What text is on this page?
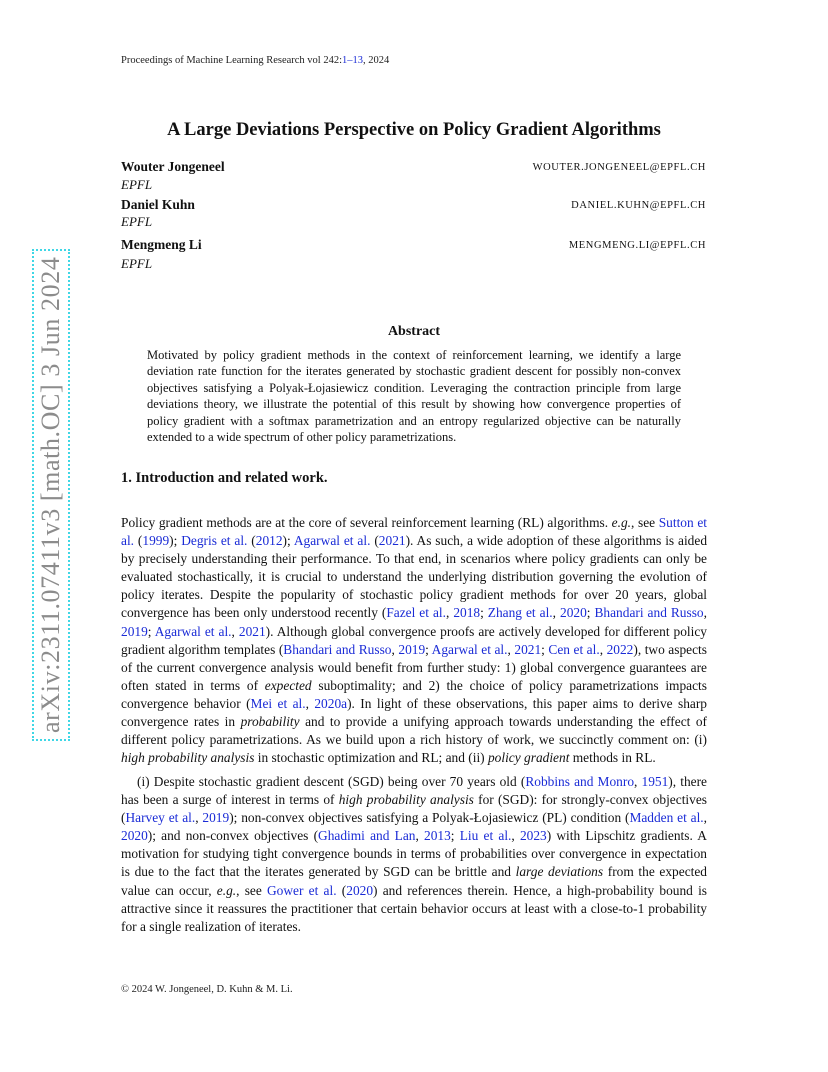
arXiv:2311.07411v3 [math.OC] 3 Jun 2024
Proceedings of Machine Learning Research vol 242:1–13, 2024
A Large Deviations Perspective on Policy Gradient Algorithms
Wouter Jongeneel	WOUTER.JONGENEEL@EPFL.CH
EPFL
Daniel Kuhn	DANIEL.KUHN@EPFL.CH
EPFL
Mengmeng Li	MENGMENG.LI@EPFL.CH
EPFL
Abstract
Motivated by policy gradient methods in the context of reinforcement learning, we identify a large deviation rate function for the iterates generated by stochastic gradient descent for possibly non-convex objectives satisfying a Polyak-Łojasiewicz condition. Leveraging the contraction principle from large deviations theory, we illustrate the potential of this result by showing how convergence properties of policy gradient with a softmax parametrization and an entropy regularized objective can be naturally extended to a wide spectrum of other policy parametrizations.
1. Introduction and related work.
Policy gradient methods are at the core of several reinforcement learning (RL) algorithms. e.g., see Sutton et al. (1999); Degris et al. (2012); Agarwal et al. (2021). As such, a wide adoption of these algorithms is aided by precisely understanding their performance. To that end, in scenarios where policy gradients can only be evaluated stochastically, it is crucial to understand the underlying distribution governing the evolution of policy iterates. Despite the popularity of stochastic policy gradient methods for over 20 years, global convergence has been only understood recently (Fazel et al., 2018; Zhang et al., 2020; Bhandari and Russo, 2019; Agarwal et al., 2021). Although global convergence proofs are actively developed for different policy gradient algorithm templates (Bhandari and Russo, 2019; Agarwal et al., 2021; Cen et al., 2022), two aspects of the current convergence analysis would benefit from further study: 1) global convergence guarantees are often stated in terms of expected suboptimality; and 2) the choice of policy parametrizations impacts convergence behavior (Mei et al., 2020a). In light of these observations, this paper aims to derive sharp convergence rates in probability and to provide a unifying approach towards understanding the effect of different policy parametrizations. As we build upon a rich history of work, we succinctly comment on: (i) high probability analysis in stochastic optimization and RL; and (ii) policy gradient methods in RL.
(i) Despite stochastic gradient descent (SGD) being over 70 years old (Robbins and Monro, 1951), there has been a surge of interest in terms of high probability analysis for (SGD): for strongly-convex objectives (Harvey et al., 2019); non-convex objectives satisfying a Polyak-Łojasiewicz (PL) condition (Madden et al., 2020); and non-convex objectives (Ghadimi and Lan, 2013; Liu et al., 2023) with Lipschitz gradients. A motivation for studying tight convergence bounds in terms of probabilities over convergence in expectation is due to the fact that the iterates generated by SGD can be brittle and large deviations from the expected value can occur, e.g., see Gower et al. (2020) and references therein. Hence, a high-probability bound is attractive since it reassures the practitioner that certain behavior occurs at least with a close-to-1 probability for a single realization of iterates.
© 2024 W. Jongeneel, D. Kuhn & M. Li.
